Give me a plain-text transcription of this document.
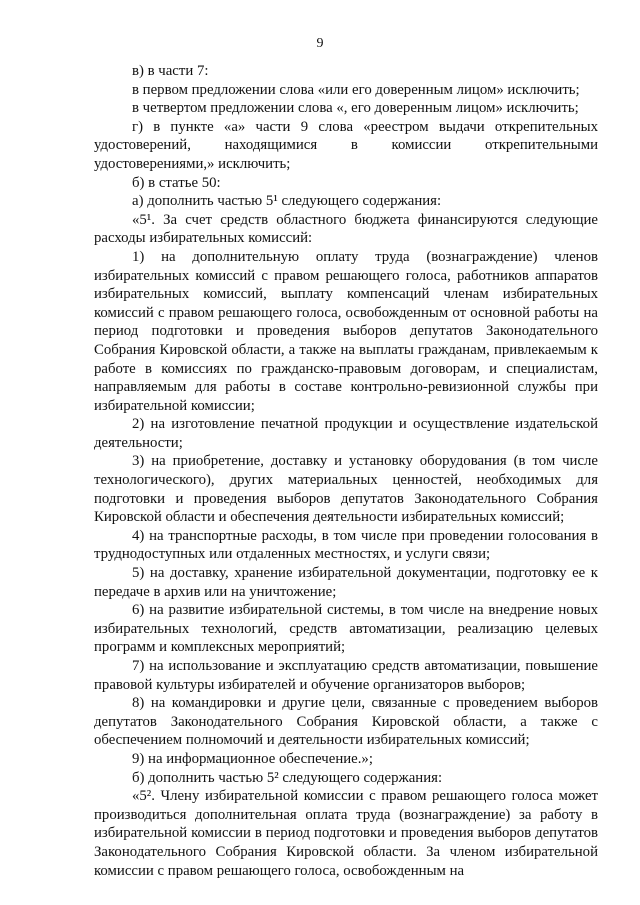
9

в) в части 7:

в первом предложении слова «или его доверенным лицом» исключить;

в четвертом предложении слова «, его доверенным лицом» исключить;

г) в пункте «а» части 9 слова «реестром выдачи открепительных удостоверений, находящимися в комиссии открепительными удостоверениями,» исключить;

б) в статье 50:

а) дополнить частью 5¹ следующего содержания:

«5¹. За счет средств областного бюджета финансируются следующие расходы избирательных комиссий:

1) на дополнительную оплату труда (вознаграждение) членов избирательных комиссий с правом решающего голоса, работников аппаратов избирательных комиссий, выплату компенсаций членам избирательных комиссий с правом решающего голоса, освобожденным от основной работы на период подготовки и проведения выборов депутатов Законодательного Собрания Кировской области, а также на выплаты гражданам, привлекаемым к работе в комиссиях по гражданско-правовым договорам, и специалистам, направляемым для работы в составе контрольно-ревизионной службы при избирательной комиссии;

2) на изготовление печатной продукции и осуществление издательской деятельности;

3) на приобретение, доставку и установку оборудования (в том числе технологического), других материальных ценностей, необходимых для подготовки и проведения выборов депутатов Законодательного Собрания Кировской области и обеспечения деятельности избирательных комиссий;

4) на транспортные расходы, в том числе при проведении голосования в труднодоступных или отдаленных местностях, и услуги связи;

5) на доставку, хранение избирательной документации, подготовку ее к передаче в архив или на уничтожение;

6) на развитие избирательной системы, в том числе на внедрение новых избирательных технологий, средств автоматизации, реализацию целевых программ и комплексных мероприятий;

7) на использование и эксплуатацию средств автоматизации, повышение правовой культуры избирателей и обучение организаторов выборов;

8) на командировки и другие цели, связанные с проведением выборов депутатов Законодательного Собрания Кировской области, а также с обеспечением полномочий и деятельности избирательных комиссий;

9) на информационное обеспечение.»;

б) дополнить частью 5² следующего содержания:

«5². Члену избирательной комиссии с правом решающего голоса может производиться дополнительная оплата труда (вознаграждение) за работу в избирательной комиссии в период подготовки и проведения выборов депутатов Законодательного Собрания Кировской области. За членом избирательной комиссии с правом решающего голоса, освобожденным на
